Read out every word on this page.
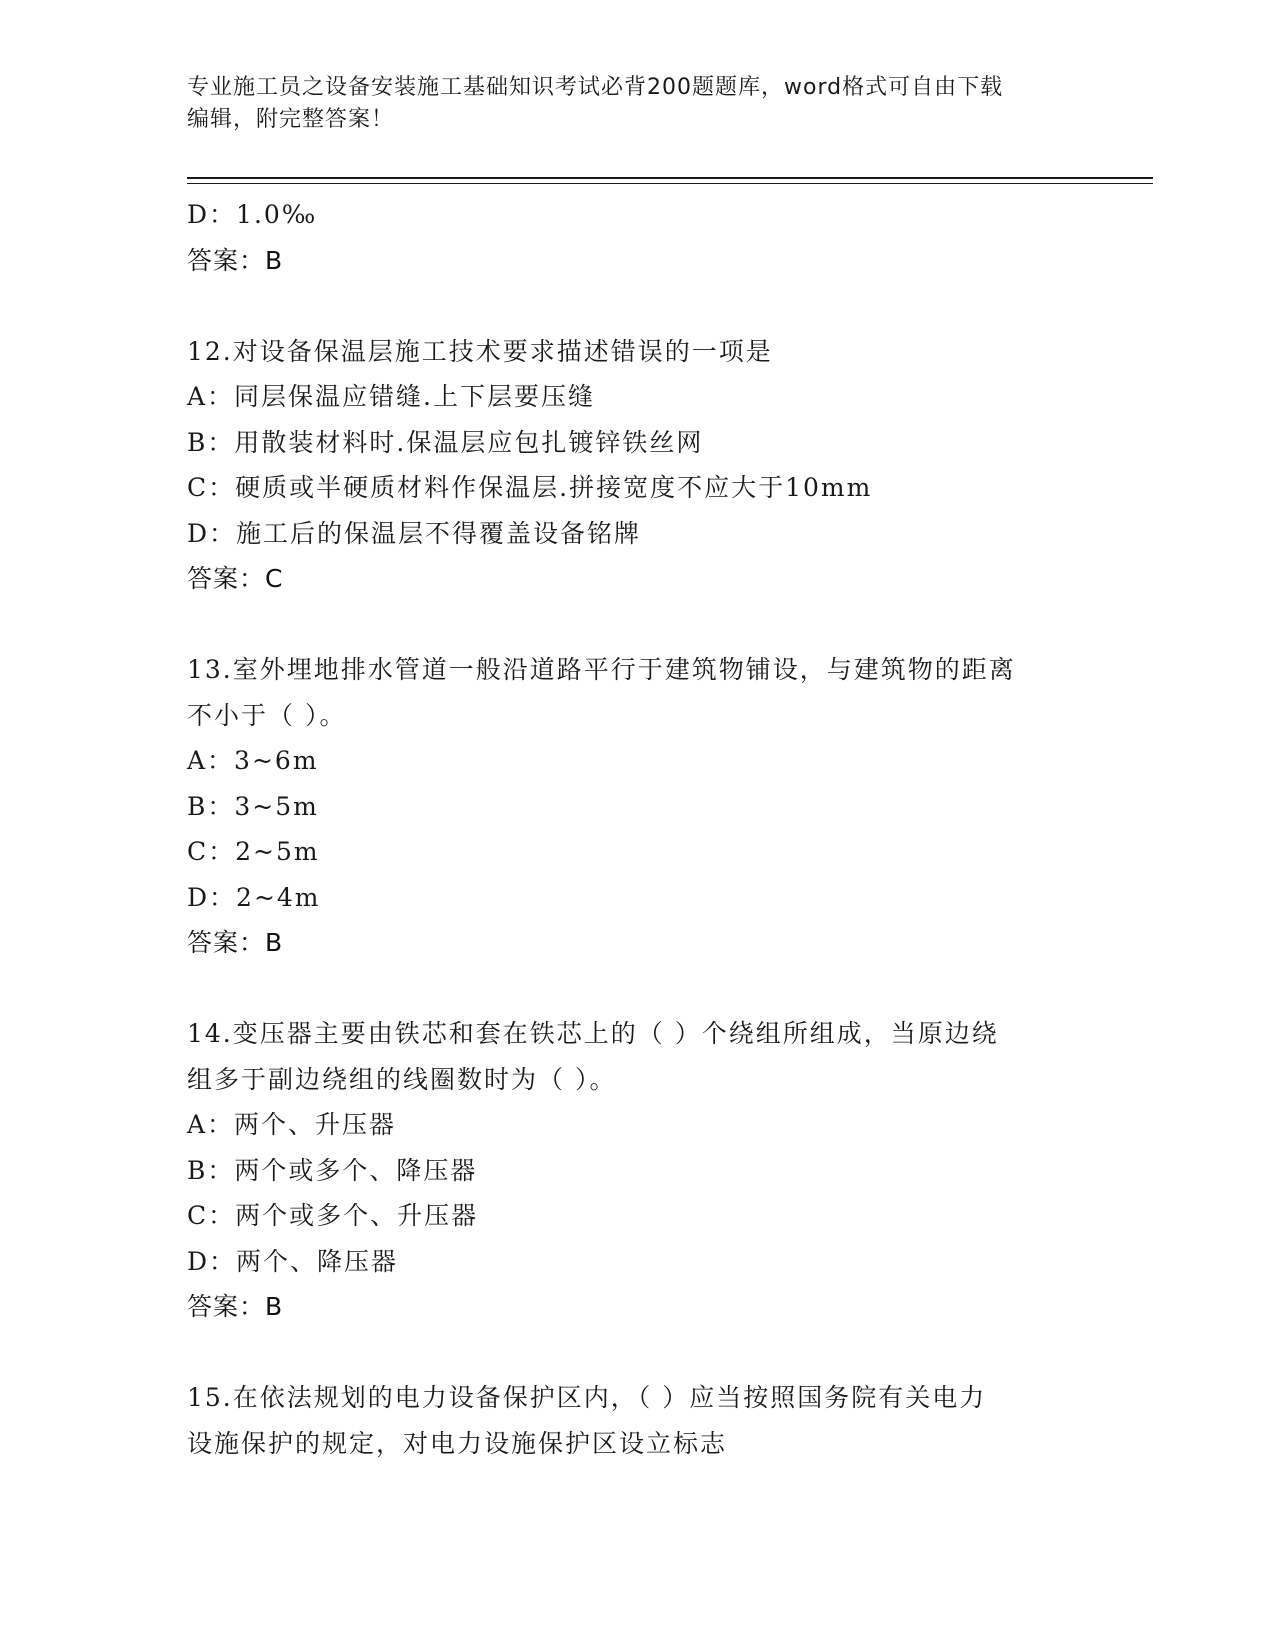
专业施工员之设备安装施工基础知识考试必背200题题库，word格式可自由下载
编辑，附完整答案！
D：1.0‰
答案：B
12.对设备保温层施工技术要求描述错误的一项是
A：同层保温应错缝.上下层要压缝
B：用散装材料时.保温层应包扎镀锌铁丝网
C：硬质或半硬质材料作保温层.拼接宽度不应大于10mm
D：施工后的保温层不得覆盖设备铭牌
答案：C
13.室外埋地排水管道一般沿道路平行于建筑物铺设，与建筑物的距离
不小于（ ）。
A：3~6m
B：3~5m
C：2~5m
D：2~4m
答案：B
14.变压器主要由铁芯和套在铁芯上的（ ）个绕组所组成，当原边绕
组多于副边绕组的线圈数时为（ ）。
A：两个、升压器
B：两个或多个、降压器
C：两个或多个、升压器
D：两个、降压器
答案：B
15.在依法规划的电力设备保护区内，（ ）应当按照国务院有关电力
设施保护的规定，对电力设施保护区设立标志
